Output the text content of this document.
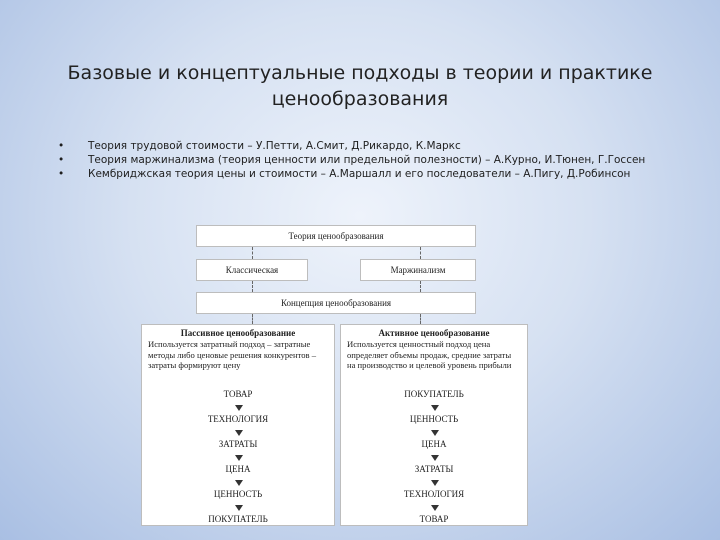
Базовые и концептуальные подходы в теории и практике ценообразования
• Теория трудовой стоимости – У.Петти, А.Смит, Д.Рикардо, К.Маркс
• Теория маржинализма (теория ценности или предельной полезности) – А.Курно, И.Тюнен, Г.Госсен
• Кембриджская теория цены и стоимости – А.Маршалл и его последователи – А.Пигу, Д.Робинсон
Теория ценообразования
Классическая	Маржинализм
Концепция ценообразования
Пассивное ценообразование
Используется затратный подход – затратные методы либо ценовые решения конкурентов – затраты формируют цену
ТОВАР
ТЕХНОЛОГИЯ
ЗАТРАТЫ
ЦЕНА
ЦЕННОСТЬ
ПОКУПАТЕЛЬ
Активное ценообразование
Используется ценностный подход цена определяет объемы продаж, средние затраты на производство и целевой уровень прибыли
ПОКУПАТЕЛЬ
ЦЕННОСТЬ
ЦЕНА
ЗАТРАТЫ
ТЕХНОЛОГИЯ
ТОВАР
